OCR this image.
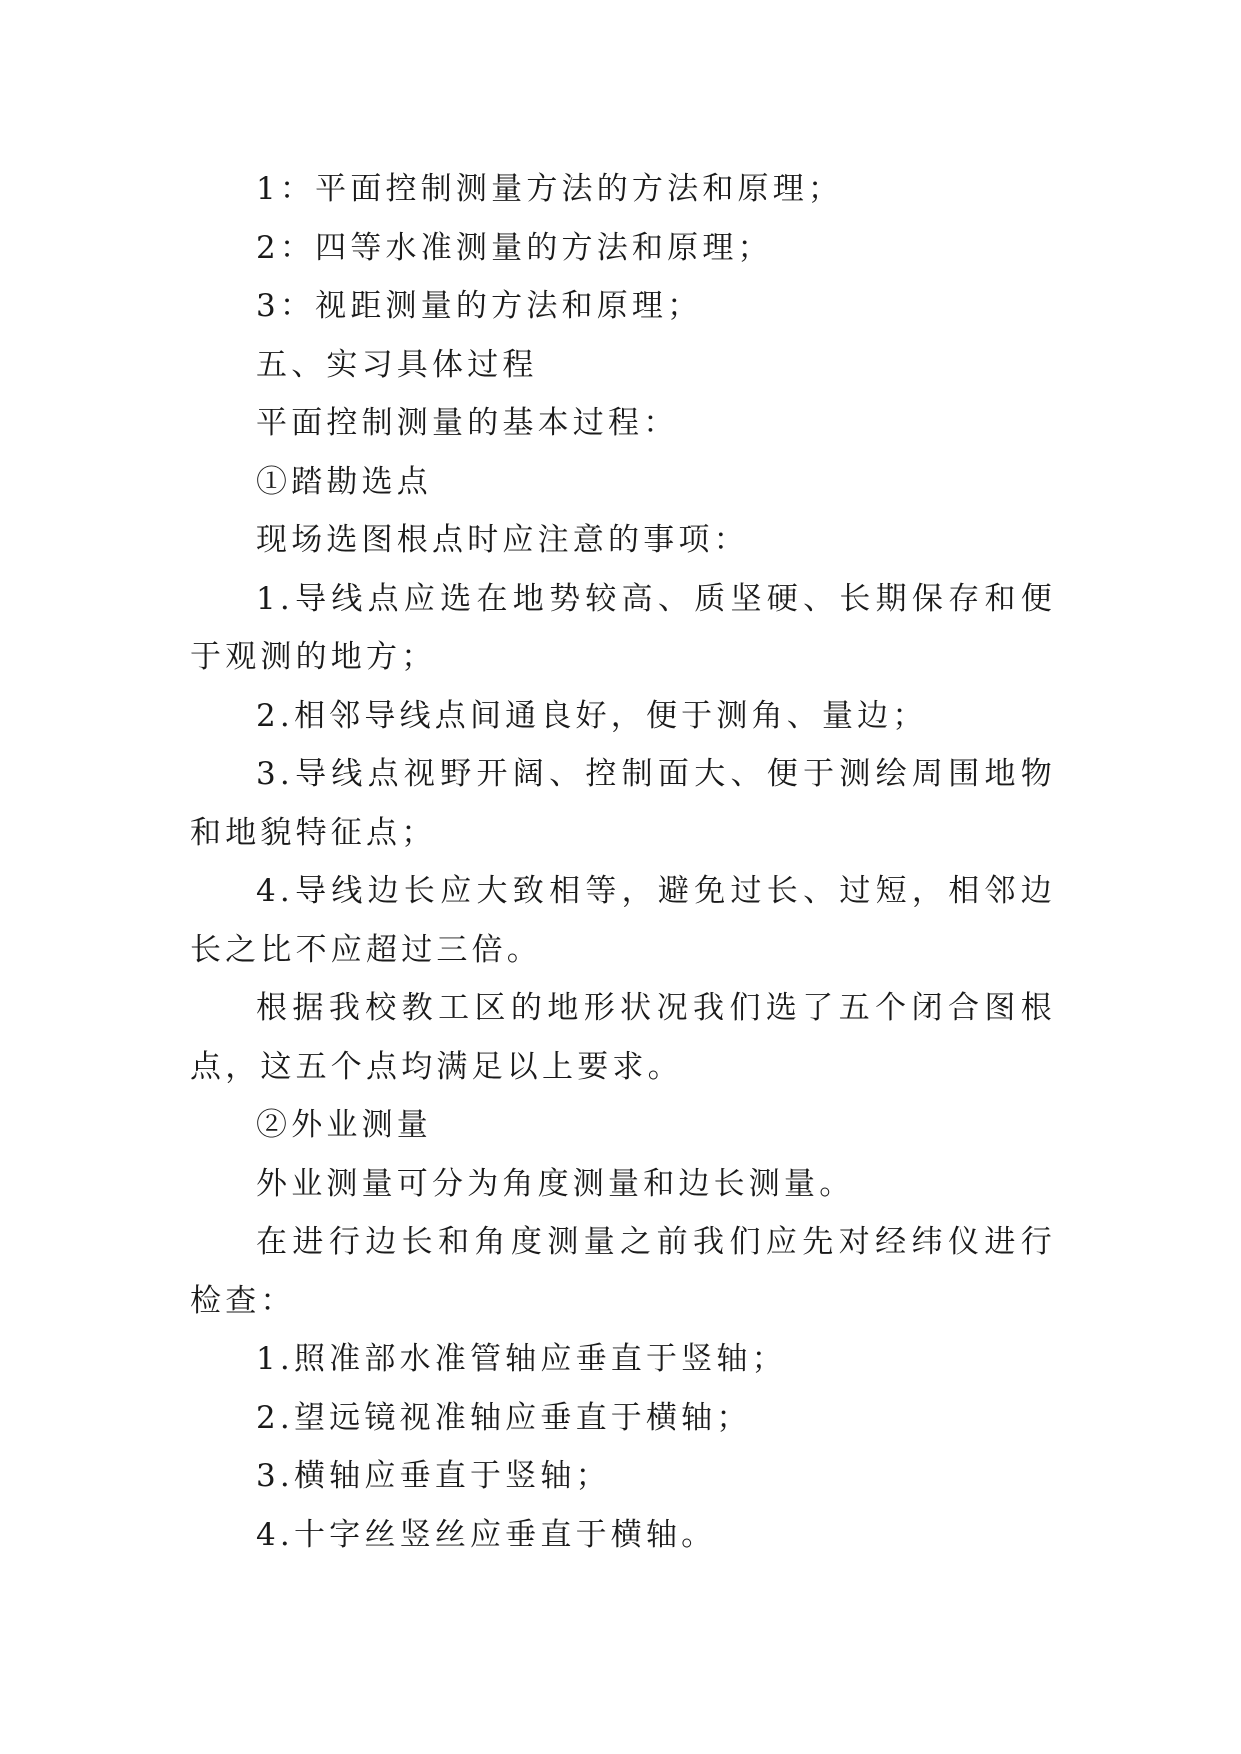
1：平面控制测量方法的方法和原理；

2：四等水准测量的方法和原理；

3：视距测量的方法和原理；

五、实习具体过程

平面控制测量的基本过程：

①踏勘选点

现场选图根点时应注意的事项：

1.导线点应选在地势较高、质坚硬、长期保存和便于观测的地方；

2.相邻导线点间通良好，便于测角、量边；

3.导线点视野开阔、控制面大、便于测绘周围地物和地貌特征点；

4.导线边长应大致相等，避免过长、过短，相邻边长之比不应超过三倍。

根据我校教工区的地形状况我们选了五个闭合图根点，这五个点均满足以上要求。

②外业测量

外业测量可分为角度测量和边长测量。

在进行边长和角度测量之前我们应先对经纬仪进行检查：

1.照准部水准管轴应垂直于竖轴；

2.望远镜视准轴应垂直于横轴；

3.横轴应垂直于竖轴；

4.十字丝竖丝应垂直于横轴。
